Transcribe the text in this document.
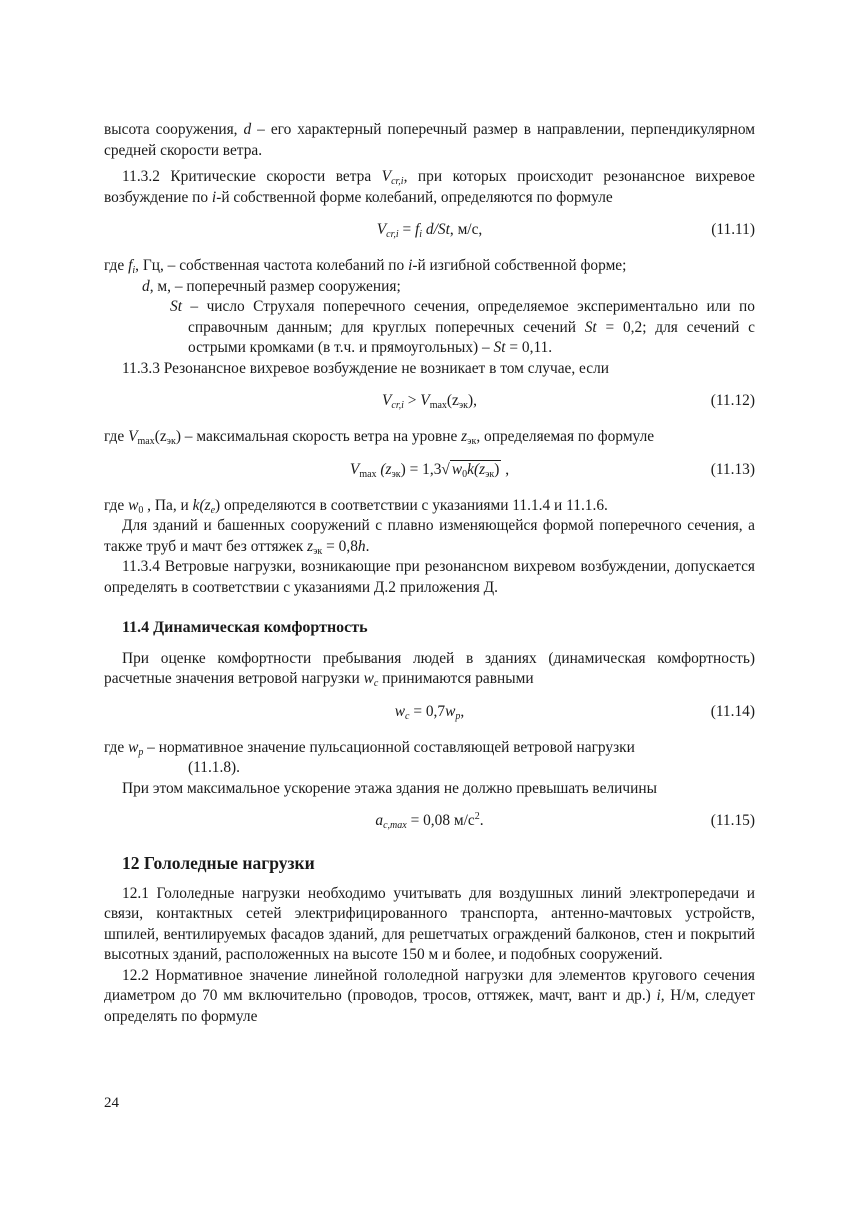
высота сооружения, d – его характерный поперечный размер в направлении, перпендикулярном средней скорости ветра.

11.3.2 Критические скорости ветра $V_{cr,i}$, при которых происходит резонансное вихревое возбуждение по i-й собственной форме колебаний, определяются по формуле

$V_{cr,i} = f_i$ d/St, м/с,	(11.11)

где $f_i$, Гц, – собственная частота колебаний по i-й изгибной собственной форме;

d, м, – поперечный размер сооружения;

St – число Струхаля поперечного сечения, определяемое экспериментально или по справочным данным; для круглых поперечных сечений St = 0,2; для сечений с острыми кромками (в т.ч. и прямоугольных) – St = 0,11.

11.3.3 Резонансное вихревое возбуждение не возникает в том случае, если

$V_{cr,i} > V_{max}(z_{эк})$,	(11.12)

где $V_{max}(z_{эк})$ – максимальная скорость ветра на уровне $z_{эк}$, определяемая по формуле

$V_{max}$ $(z_{эк}) = 1,3√$ $w_0k(z_{эк})$ ,	(11.13)

где $w_0$ , Па, и $k(z_e)$ определяются в соответствии с указаниями 11.1.4 и 11.1.6.

Для зданий и башенных сооружений с плавно изменяющейся формой поперечного сечения, а также труб и мачт без оттяжек $z_{эк} = 0,8h$.

11.3.4 Ветровые нагрузки, возникающие при резонансном вихревом возбуждении, допускается определять в соответствии с указаниями Д.2 приложения Д.

11.4 Динамическая комфортность

При оценке комфортности пребывания людей в зданиях (динамическая комфортность) расчетные значения ветровой нагрузки $w_c$ принимаются равными

$w_c = 0,7w_p$,	(11.14)

где $w_p$ – нормативное значение пульсационной составляющей ветровой нагрузки

(11.1.8).

При этом максимальное ускорение этажа здания не должно превышать величины

$a_{c,max} = 0,08$ $м/с^2$.	(11.15)
12 Гололедные нагрузки

12.1 Гололедные нагрузки необходимо учитывать для воздушных линий электропередачи и связи, контактных сетей электрифицированного транспорта, антенно-мачтовых устройств, шпилей, вентилируемых фасадов зданий, для решетчатых ограждений балконов, стен и покрытий высотных зданий, расположенных на высоте 150 м и более, и подобных сооружений.

12.2 Нормативное значение линейной гололедной нагрузки для элементов кругового сечения диаметром до 70 мм включительно (проводов, тросов, оттяжек, мачт, вант и др.) i, Н/м, следует определять по формуле

24
